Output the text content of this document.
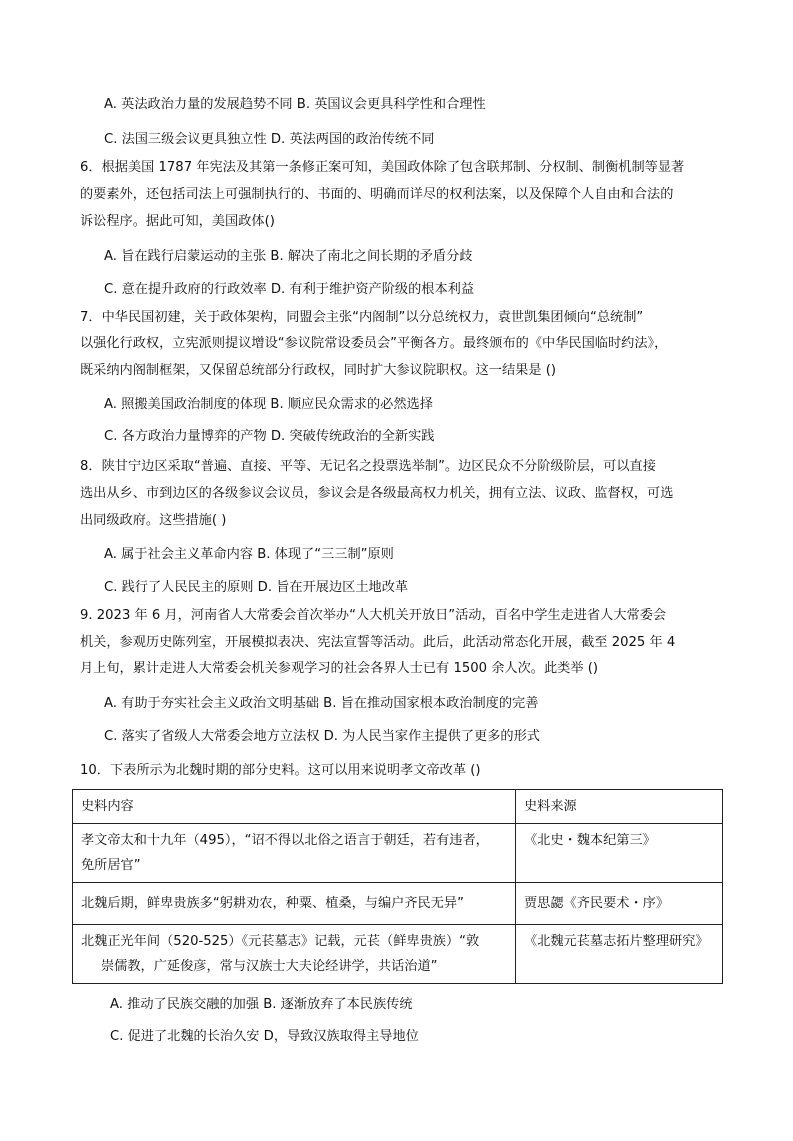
A. 英法政治力量的发展趋势不同 B. 英国议会更具科学性和合理性
C. 法国三级会议更具独立性 D. 英法两国的政治传统不同
6．根据美国 1787 年宪法及其第一条修正案可知，美国政体除了包含联邦制、分权制、制衡机制等显著
的要素外，还包括司法上可强制执行的、书面的、明确而详尽的权利法案，以及保障个人自由和合法的
诉讼程序。据此可知，美国政体()
A. 旨在践行启蒙运动的主张 B. 解决了南北之间长期的矛盾分歧
C. 意在提升政府的行政效率 D. 有利于维护资产阶级的根本利益
7．中华民国初建，关于政体架构，同盟会主张“内阁制”以分总统权力，袁世凯集团倾向“总统制”
以强化行政权，立宪派则提议增设“参议院常设委员会”平衡各方。最终颁布的《中华民国临时约法》，
既采纳内阁制框架，又保留总统部分行政权，同时扩大参议院职权。这一结果是 ()
A. 照搬美国政治制度的体现 B. 顺应民众需求的必然选择
C. 各方政治力量博弈的产物 D. 突破传统政治的全新实践
8．陕甘宁边区采取“普遍、直接、平等、无记名之投票选举制”。边区民众不分阶级阶层，可以直接
选出从乡、市到边区的各级参议会议员，参议会是各级最高权力机关，拥有立法、议政、监督权，可选
出同级政府。这些措施( )
A. 属于社会主义革命内容 B. 体现了“三三制”原则
C. 践行了人民民主的原则 D. 旨在开展边区土地改革
9. 2023 年 6 月，河南省人大常委会首次举办“人大机关开放日”活动，百名中学生走进省人大常委会
机关，参观历史陈列室，开展模拟表决、宪法宣誓等活动。此后，此活动常态化开展，截至 2025 年 4
月上旬，累计走进人大常委会机关参观学习的社会各界人士已有 1500 余人次。此类举 ()
A. 有助于夯实社会主义政治文明基础 B. 旨在推动国家根本政治制度的完善
C. 落实了省级人大常委会地方立法权 D. 为人民当家作主提供了更多的形式
10．下表所示为北魏时期的部分史料。这可以用来说明孝文帝改革 ()
史料内容	史料来源

孝文帝太和十九年（495），“诏不得以北俗之语言于朝廷，若有违者，
免所居官”	《北史・魏本纪第三》

北魏后期，鲜卑贵族多“躬耕劝农，种粟、植桑，与编户齐民无异”	贾思勰《齐民要术・序》

北魏正光年间（520-525）《元苌墓志》记载，元苌（鲜卑贵族）“敦
崇儒教，广延俊彦，常与汉族士大夫论经讲学，共话治道”	《北魏元苌墓志拓片整理研究》
A. 推动了民族交融的加强 B. 逐渐放弃了本民族传统
C. 促进了北魏的长治久安 D，导致汉族取得主导地位
